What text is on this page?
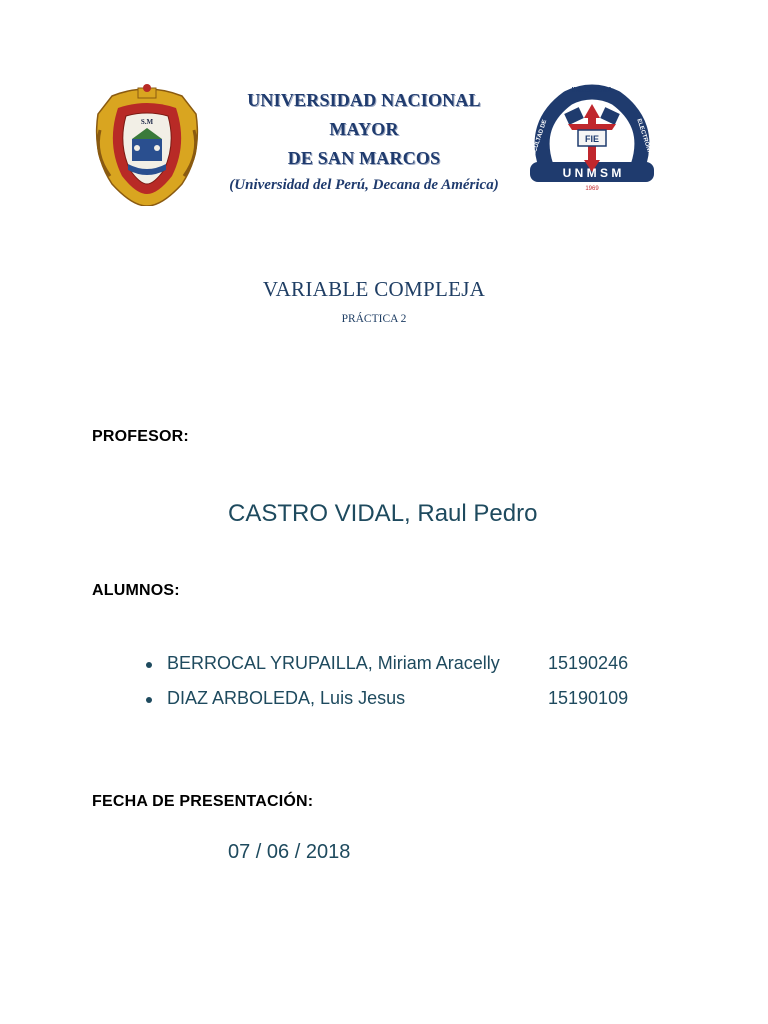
S.M
UNIVERSIDAD NACIONAL
MAYOR
DE SAN MARCOS
(Universidad del Perú, Decana de América)
INGENIERIA
FACULTAD DE	ELECTRONICA
FIE
U N M S M
1969
VARIABLE COMPLEJA
PRÁCTICA 2
PROFESOR:
CASTRO VIDAL, Raul Pedro
ALUMNOS:
BERROCAL YRUPAILLA, Miriam Aracelly	15190246
DIAZ ARBOLEDA, Luis Jesus	15190109
FECHA DE PRESENTACIÓN:
07 / 06 / 2018
